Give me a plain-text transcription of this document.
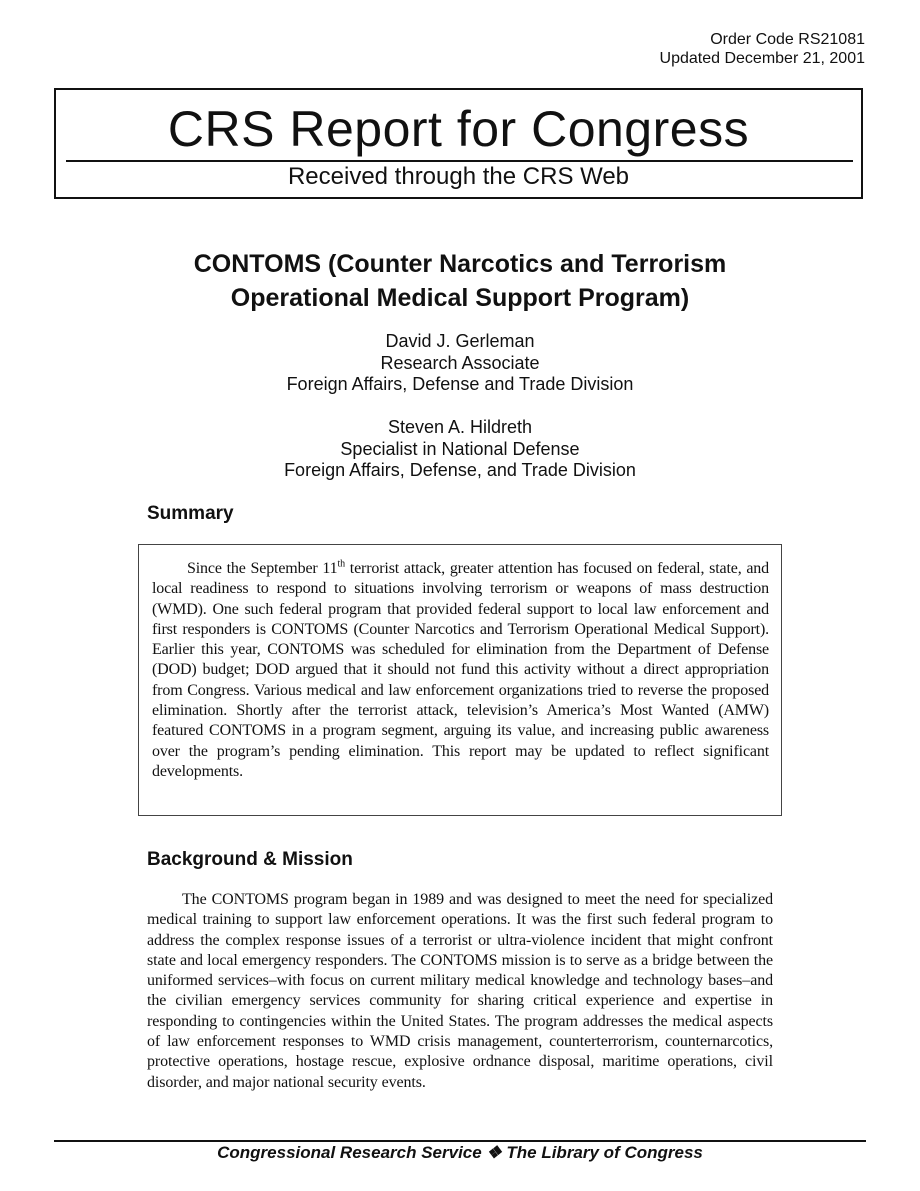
Order Code RS21081
Updated December 21, 2001
CRS Report for Congress
Received through the CRS Web
CONTOMS (Counter Narcotics and Terrorism
Operational Medical Support Program)
David J. Gerleman
Research Associate
Foreign Affairs, Defense and Trade Division
Steven A. Hildreth
Specialist in National Defense
Foreign Affairs, Defense, and Trade Division
Summary

Since the September 11th terrorist attack, greater attention has focused on federal, state, and local readiness to respond to situations involving terrorism or weapons of mass destruction (WMD). One such federal program that provided federal support to local law enforcement and first responders is CONTOMS (Counter Narcotics and Terrorism Operational Medical Support). Earlier this year, CONTOMS was scheduled for elimination from the Department of Defense (DOD) budget; DOD argued that it should not fund this activity without a direct appropriation from Congress. Various medical and law enforcement organizations tried to reverse the proposed elimination. Shortly after the terrorist attack, television’s America’s Most Wanted (AMW) featured CONTOMS in a program segment, arguing its value, and increasing public awareness over the program’s pending elimination. This report may be updated to reflect significant developments.

Background & Mission

The CONTOMS program began in 1989 and was designed to meet the need for specialized medical training to support law enforcement operations. It was the first such federal program to address the complex response issues of a terrorist or ultra-violence incident that might confront state and local emergency responders. The CONTOMS mission is to serve as a bridge between the uniformed services–with focus on current military medical knowledge and technology bases–and the civilian emergency services community for sharing critical experience and expertise in responding to contingencies within the United States. The program addresses the medical aspects of law enforcement responses to WMD crisis management, counterterrorism, counternarcotics, protective operations, hostage rescue, explosive ordnance disposal, maritime operations, civil disorder, and major national security events.

Congressional Research Service ❖ The Library of Congress
